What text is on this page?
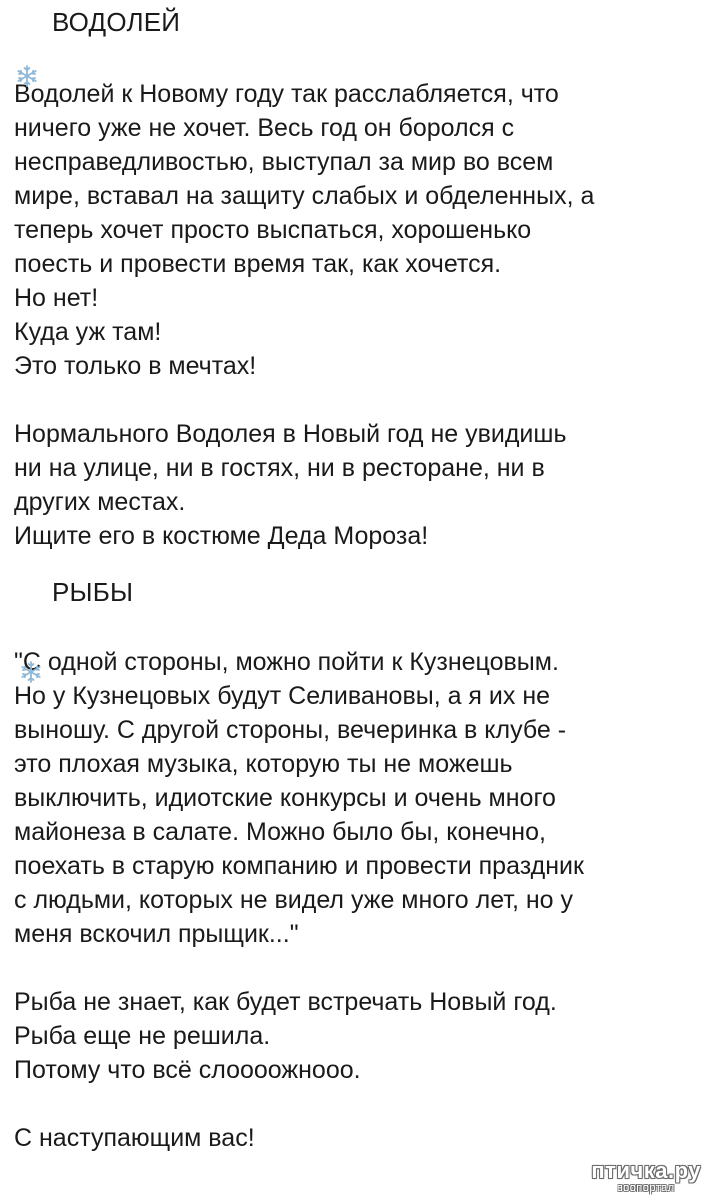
ВОДОЛЕЙ

Водолей к Новому году так расслабляется, что
ничего уже не хочет. Весь год он боролся с
несправедливостью, выступал за мир во всем
мире, вставал на защиту слабых и обделенных, а
теперь хочет просто выспаться, хорошенько
поесть и провести время так, как хочется.
Но нет!
Куда уж там!
Это только в мечтах!

Нормального Водолея в Новый год не увидишь
ни на улице, ни в гостях, ни в ресторане, ни в
других местах.
Ищите его в костюме Деда Мороза!

РЫБЫ

"С одной стороны, можно пойти к Кузнецовым.
Но у Кузнецовых будут Селивановы, а я их не
выношу. С другой стороны, вечеринка в клубе -
это плохая музыка, которую ты не можешь
выключить, идиотские конкурсы и очень много
майонеза в салате. Можно было бы, конечно,
поехать в старую компанию и провести праздник
с людьми, которых не видел уже много лет, но у
меня вскочил прыщик..."

Рыба не знает, как будет встречать Новый год.
Рыба еще не решила.
Потому что всё слоооожнооо.

С наступающим вас!

птичка.ру
зоопортал
